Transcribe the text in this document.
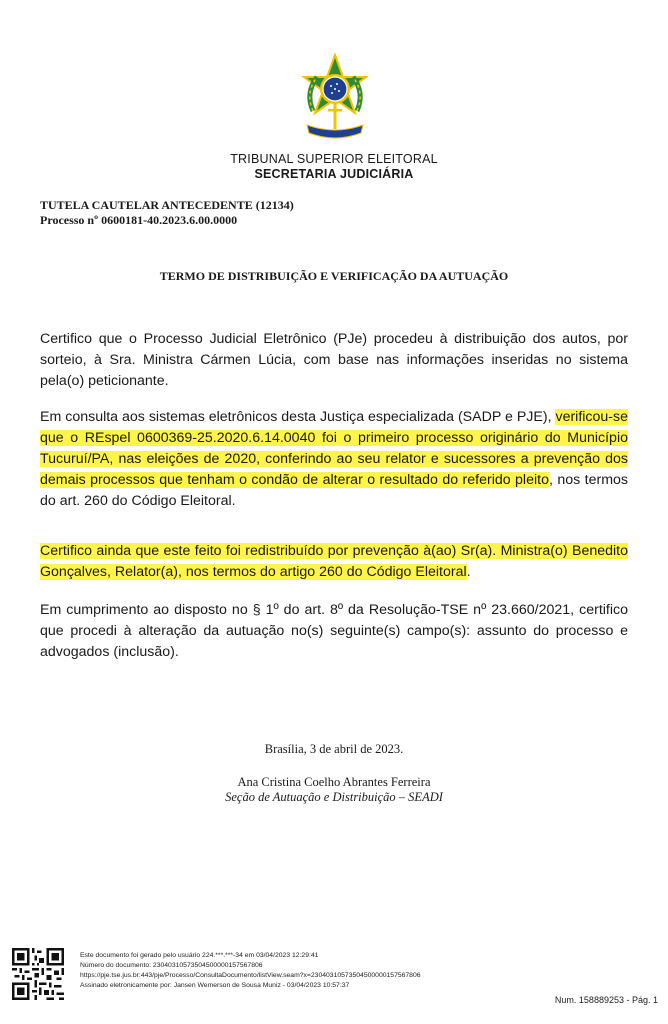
TRIBUNAL SUPERIOR ELEITORAL
SECRETARIA JUDICIÁRIA
TUTELA CAUTELAR ANTECEDENTE (12134)
Processo nº 0600181-40.2023.6.00.0000
TERMO DE DISTRIBUIÇÃO E VERIFICAÇÃO DA AUTUAÇÃO
Certifico que o Processo Judicial Eletrônico (PJe) procedeu à distribuição dos autos, por sorteio, à Sra. Ministra Cármen Lúcia, com base nas informações inseridas no sistema pela(o) peticionante.
Em consulta aos sistemas eletrônicos desta Justiça especializada (SADP e PJE), verificou-se que o REspel 0600369-25.2020.6.14.0040 foi o primeiro processo originário do Município Tucuruí/PA, nas eleições de 2020, conferindo ao seu relator e sucessores a prevenção dos demais processos que tenham o condão de alterar o resultado do referido pleito, nos termos do art. 260 do Código Eleitoral.
Certifico ainda que este feito foi redistribuído por prevenção à(ao) Sr(a). Ministra(o) Benedito Gonçalves, Relator(a), nos termos do artigo 260 do Código Eleitoral.
Em cumprimento ao disposto no § 1º do art. 8º da Resolução-TSE nº 23.660/2021, certifico que procedi à alteração da autuação no(s) seguinte(s) campo(s): assunto do processo e advogados (inclusão).
Brasília, 3 de abril de 2023.
Ana Cristina Coelho Abrantes Ferreira
Seção de Autuação e Distribuição – SEADI
Este documento foi gerado pelo usuário 224.***.***-34 em 03/04/2023 12:29:41
Número do documento: 23040310573504500000157567806
https://pje.tse.jus.br:443/pje/Processo/ConsultaDocumento/listView.seam?x=23040310573504500000157567806
Assinado eletronicamente por: Jansen Wemerson de Sousa Muniz - 03/04/2023 10:57:37
Num. 158889253 - Pág. 1
